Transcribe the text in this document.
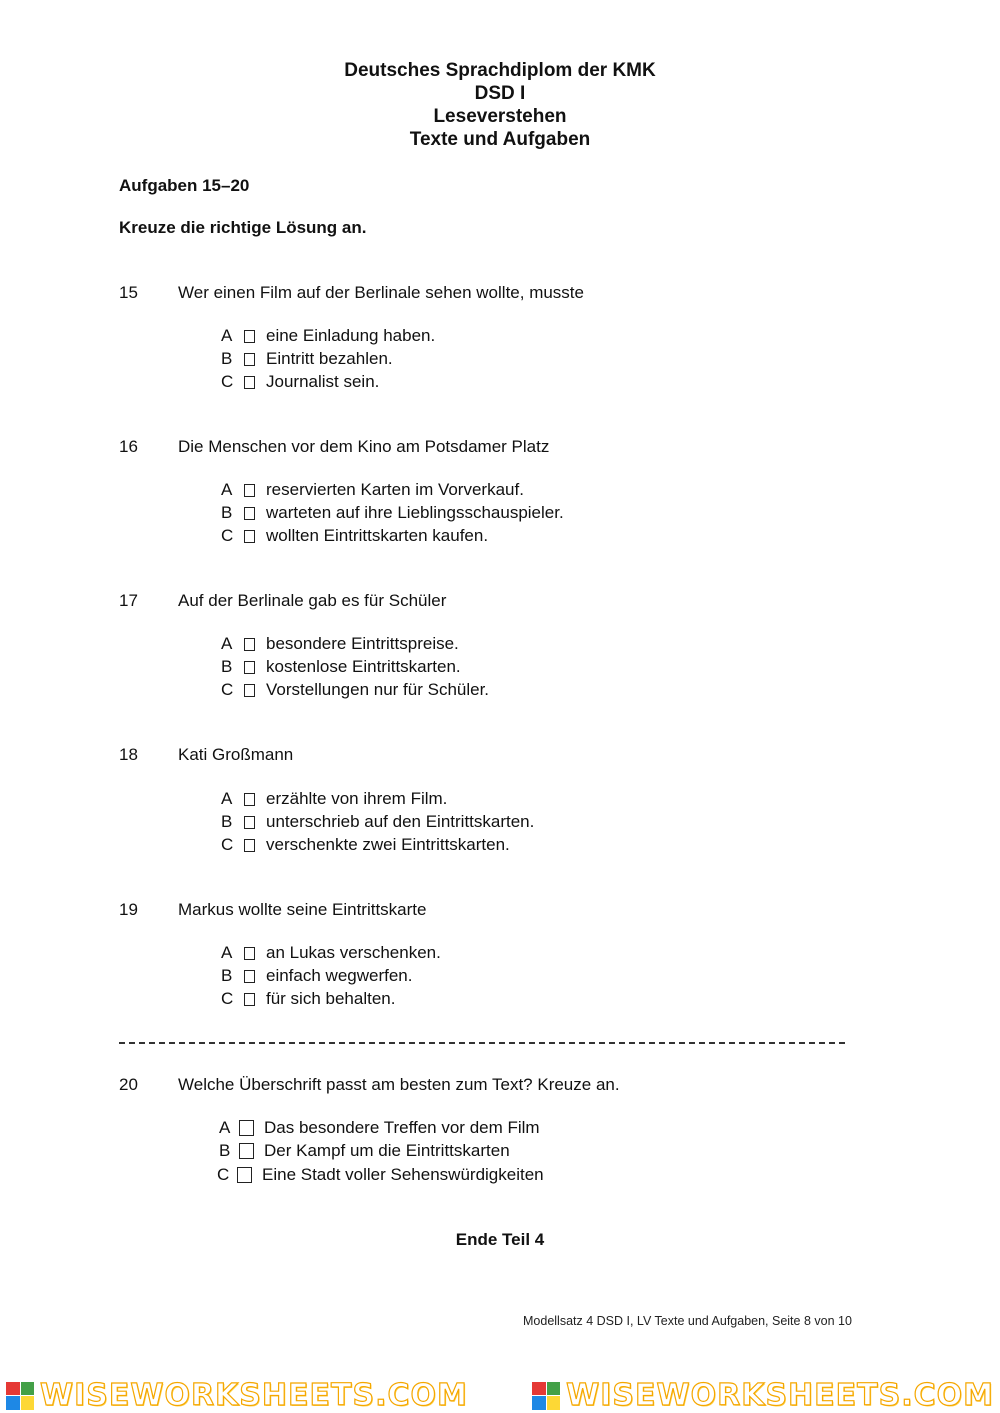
Deutsches Sprachdiplom der KMK
DSD I
Leseverstehen
Texte und Aufgaben
Aufgaben 15–20
Kreuze die richtige Lösung an.
15 Wer einen Film auf der Berlinale sehen wollte, musste
A	eine Einladung haben.
B	Eintritt bezahlen.
C	Journalist sein.
16 Die Menschen vor dem Kino am Potsdamer Platz
A	reservierten Karten im Vorverkauf.
B	warteten auf ihre Lieblingsschauspieler.
C	wollten Eintrittskarten kaufen.
17 Auf der Berlinale gab es für Schüler
A	besondere Eintrittspreise.
B	kostenlose Eintrittskarten.
C	Vorstellungen nur für Schüler.
18 Kati Großmann
A	erzählte von ihrem Film.
B	unterschrieb auf den Eintrittskarten.
C	verschenkte zwei Eintrittskarten.
19 Markus wollte seine Eintrittskarte
A	an Lukas verschenken.
B	einfach wegwerfen.
C	für sich behalten.
20 Welche Überschrift passt am besten zum Text? Kreuze an.
A	Das besondere Treffen vor dem Film
B	Der Kampf um die Eintrittskarten
C	Eine Stadt voller Sehenswürdigkeiten
Ende Teil 4
Modellsatz 4 DSD I, LV Texte und Aufgaben, Seite 8 von 10
WISEWORKSHEETS.COM	WISEWORKSHEETS.COM
